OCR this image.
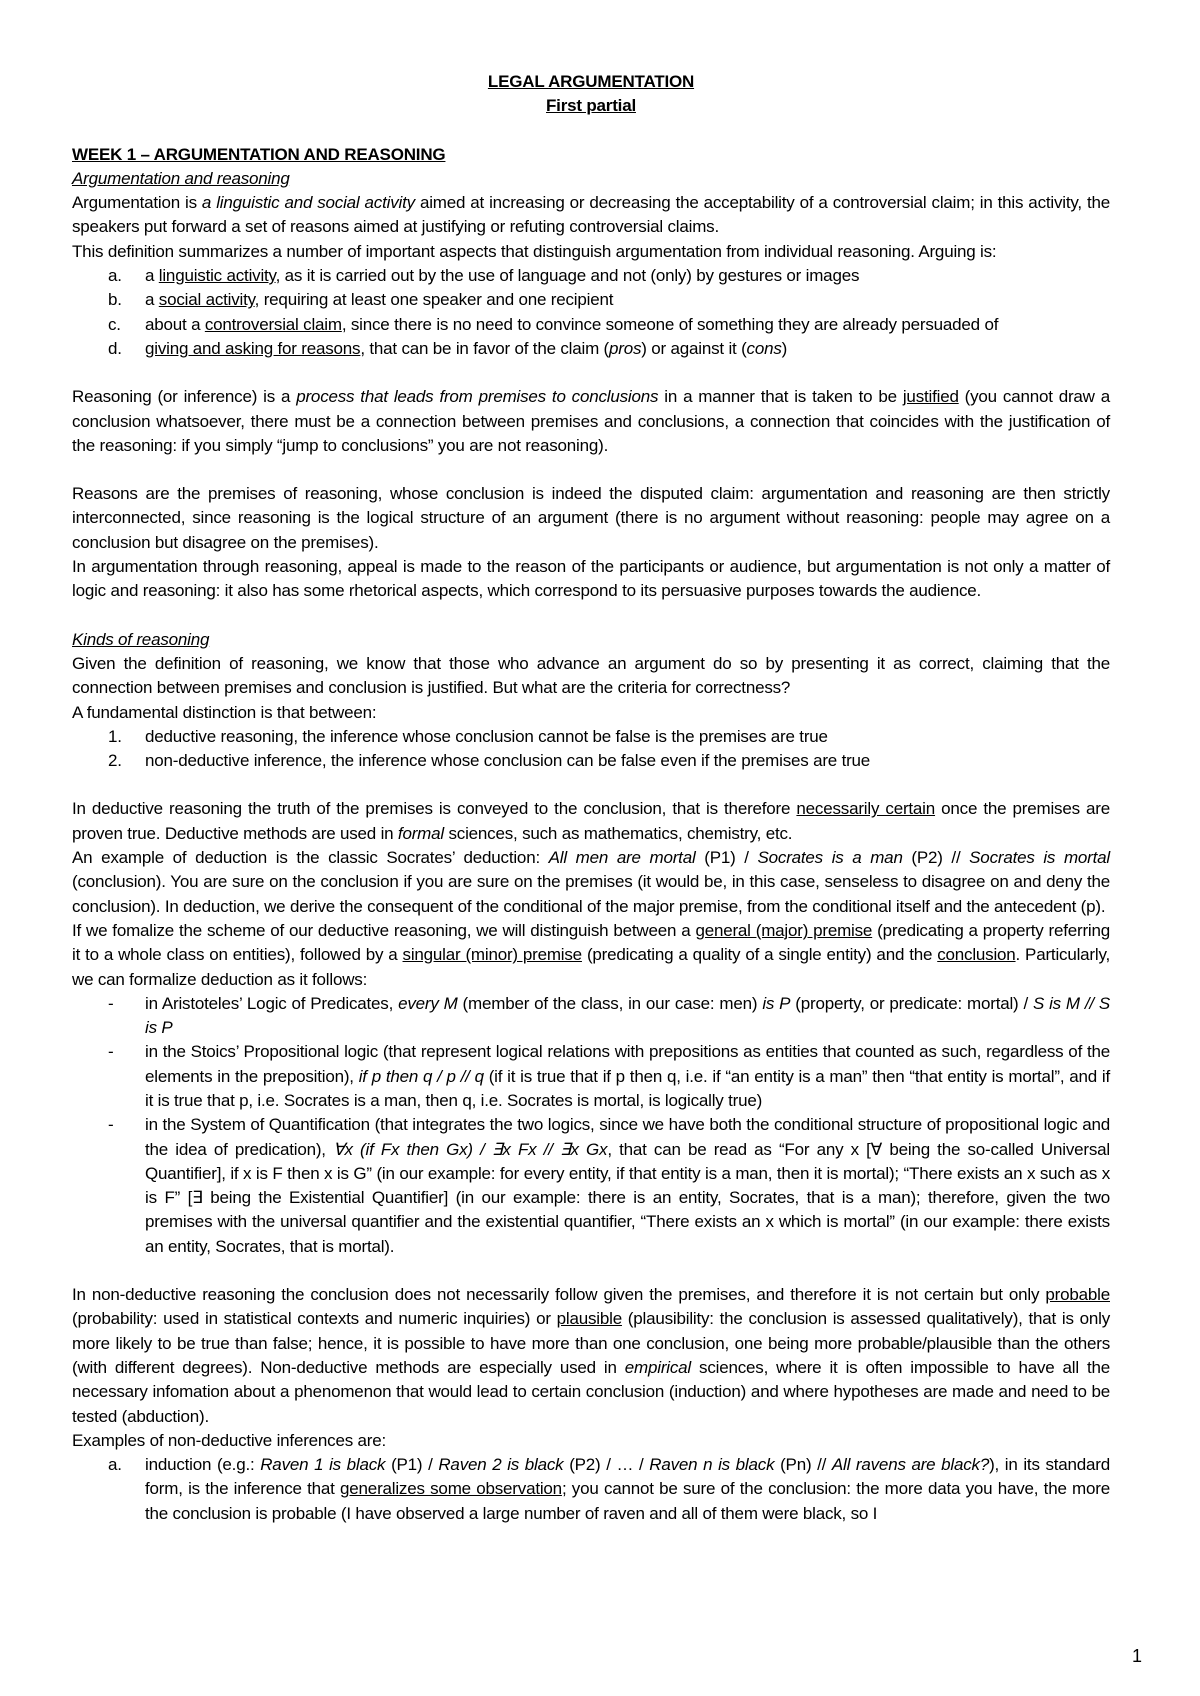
LEGAL ARGUMENTATION
First partial
WEEK 1 – ARGUMENTATION AND REASONING
Argumentation and reasoning

Argumentation is a linguistic and social activity aimed at increasing or decreasing the acceptability of a controversial claim; in this activity, the speakers put forward a set of reasons aimed at justifying or refuting controversial claims.

This definition summarizes a number of important aspects that distinguish argumentation from individual reasoning. Arguing is:

a. a linguistic activity, as it is carried out by the use of language and not (only) by gestures or images
b. a social activity, requiring at least one speaker and one recipient
c. about a controversial claim, since there is no need to convince someone of something they are already persuaded of
d. giving and asking for reasons, that can be in favor of the claim (pros) or against it (cons)

Reasoning (or inference) is a process that leads from premises to conclusions in a manner that is taken to be justified (you cannot draw a conclusion whatsoever, there must be a connection between premises and conclusions, a connection that coincides with the justification of the reasoning: if you simply “jump to conclusions” you are not reasoning).

Reasons are the premises of reasoning, whose conclusion is indeed the disputed claim: argumentation and reasoning are then strictly interconnected, since reasoning is the logical structure of an argument (there is no argument without reasoning: people may agree on a conclusion but disagree on the premises).

In argumentation through reasoning, appeal is made to the reason of the participants or audience, but argumentation is not only a matter of logic and reasoning: it also has some rhetorical aspects, which correspond to its persuasive purposes towards the audience.

Kinds of reasoning

Given the definition of reasoning, we know that those who advance an argument do so by presenting it as correct, claiming that the connection between premises and conclusion is justified. But what are the criteria for correctness?

A fundamental distinction is that between:

1. deductive reasoning, the inference whose conclusion cannot be false is the premises are true
2. non-deductive inference, the inference whose conclusion can be false even if the premises are true

In deductive reasoning the truth of the premises is conveyed to the conclusion, that is therefore necessarily certain once the premises are proven true. Deductive methods are used in formal sciences, such as mathematics, chemistry, etc.

An example of deduction is the classic Socrates’ deduction: All men are mortal (P1) / Socrates is a man (P2) // Socrates is mortal (conclusion). You are sure on the conclusion if you are sure on the premises (it would be, in this case, senseless to disagree on and deny the conclusion). In deduction, we derive the consequent of the conditional of the major premise, from the conditional itself and the antecedent (p).

If we fomalize the scheme of our deductive reasoning, we will distinguish between a general (major) premise (predicating a property referring it to a whole class on entities), followed by a singular (minor) premise (predicating a quality of a single entity) and the conclusion. Particularly, we can formalize deduction as it follows:

- in Aristoteles’ Logic of Predicates, every M (member of the class, in our case: men) is P (property, or predicate: mortal) / S is M // S is P
- in the Stoics’ Propositional logic (that represent logical relations with prepositions as entities that counted as such, regardless of the elements in the preposition), if p then q / p // q (if it is true that if p then q, i.e. if “an entity is a man” then “that entity is mortal”, and if it is true that p, i.e. Socrates is a man, then q, i.e. Socrates is mortal, is logically true)
- in the System of Quantification (that integrates the two logics, since we have both the conditional structure of propositional logic and the idea of predication), ∀x (if Fx then Gx) / ∃x Fx // ∃x Gx, that can be read as “For any x [∀ being the so-called Universal Quantifier], if x is F then x is G” (in our example: for every entity, if that entity is a man, then it is mortal); “There exists an x such as x is F” [∃ being the Existential Quantifier] (in our example: there is an entity, Socrates, that is a man); therefore, given the two premises with the universal quantifier and the existential quantifier, “There exists an x which is mortal” (in our example: there exists an entity, Socrates, that is mortal).

In non-deductive reasoning the conclusion does not necessarily follow given the premises, and therefore it is not certain but only probable (probability: used in statistical contexts and numeric inquiries) or plausible (plausibility: the conclusion is assessed qualitatively), that is only more likely to be true than false; hence, it is possible to have more than one conclusion, one being more probable/plausible than the others (with different degrees). Non-deductive methods are especially used in empirical sciences, where it is often impossible to have all the necessary infomation about a phenomenon that would lead to certain conclusion (induction) and where hypotheses are made and need to be tested (abduction).

Examples of non-deductive inferences are:

a. induction (e.g.: Raven 1 is black (P1) / Raven 2 is black (P2) / … / Raven n is black (Pn) // All ravens are black?), in its standard form, is the inference that generalizes some observation; you cannot be sure of the conclusion: the more data you have, the more the conclusion is probable (I have observed a large number of raven and all of them were black, so I
1
